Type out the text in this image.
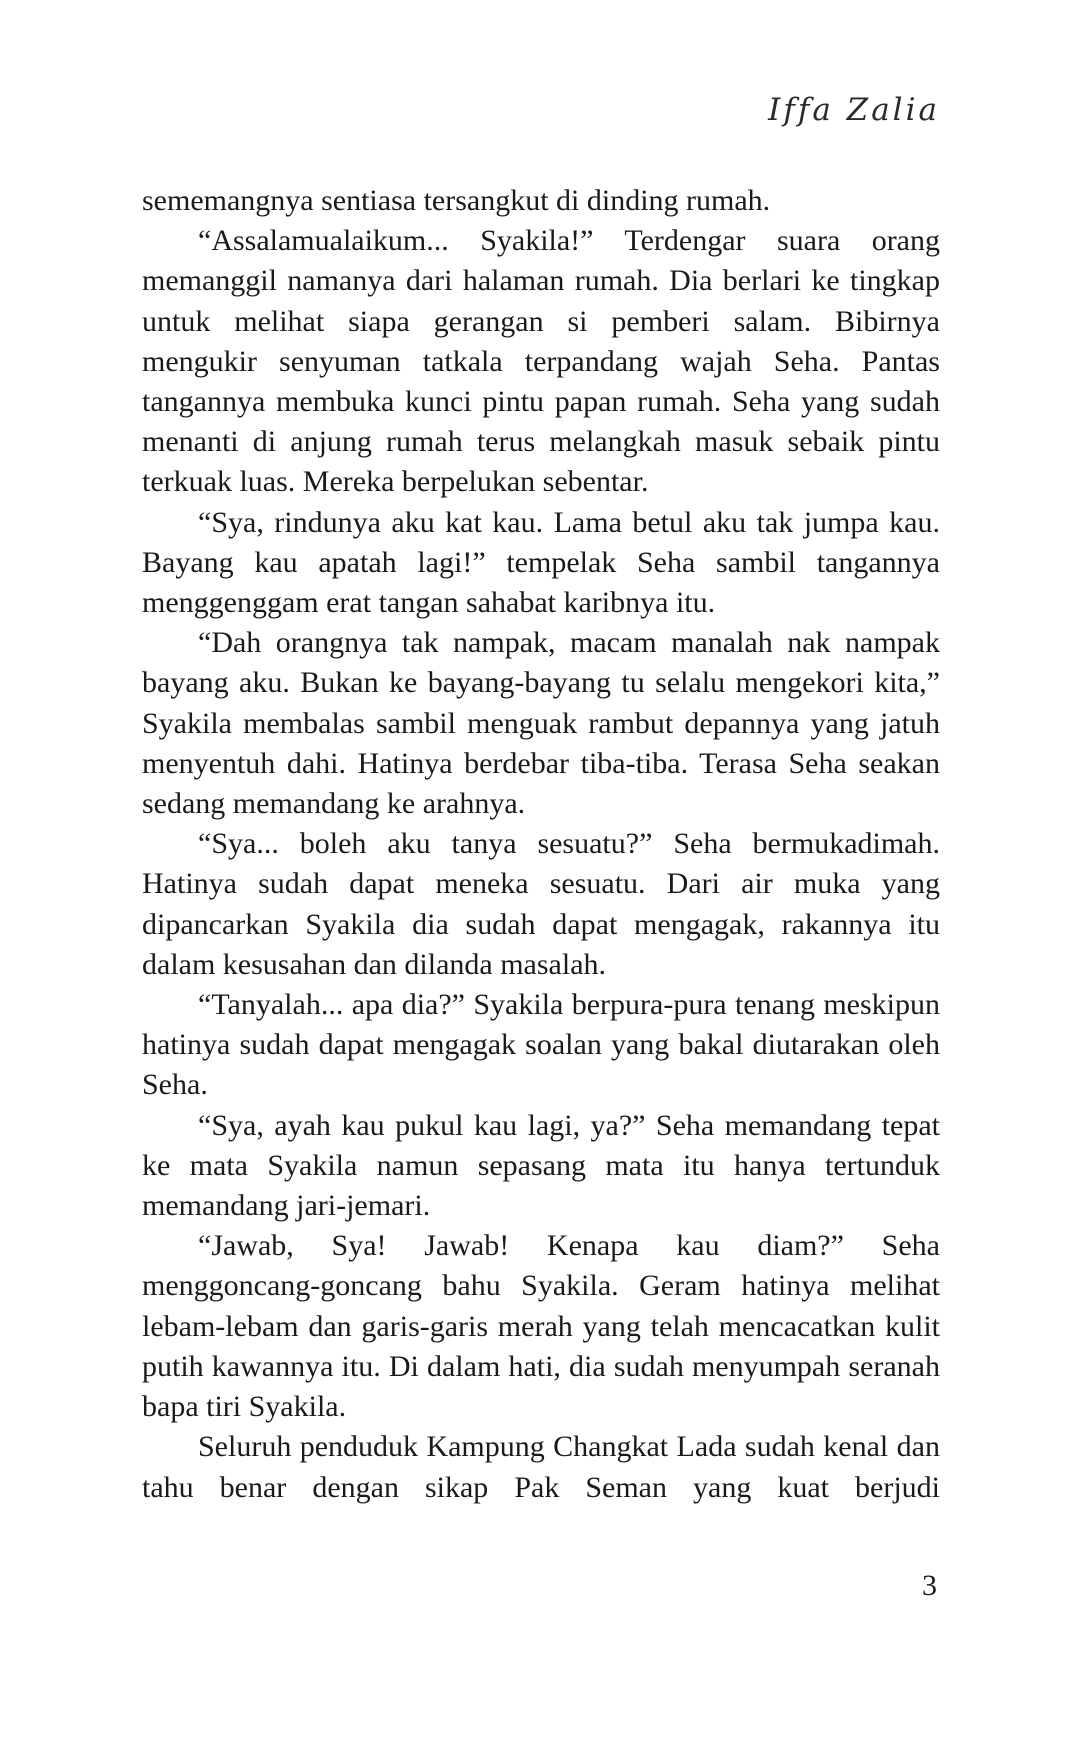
Iffa Zalia

sememangnya sentiasa tersangkut di dinding rumah.

“Assalamualaikum... Syakila!” Terdengar suara orang memanggil namanya dari halaman rumah. Dia berlari ke tingkap untuk melihat siapa gerangan si pemberi salam. Bibirnya mengukir senyuman tatkala terpandang wajah Seha. Pantas tangannya membuka kunci pintu papan rumah. Seha yang sudah menanti di anjung rumah terus melangkah masuk sebaik pintu terkuak luas. Mereka berpelukan sebentar.

“Sya, rindunya aku kat kau. Lama betul aku tak jumpa kau. Bayang kau apatah lagi!” tempelak Seha sambil tangannya menggenggam erat tangan sahabat karibnya itu.

“Dah orangnya tak nampak, macam manalah nak nampak bayang aku. Bukan ke bayang-bayang tu selalu mengekori kita,” Syakila membalas sambil menguak rambut depannya yang jatuh menyentuh dahi. Hatinya berdebar tiba-tiba. Terasa Seha seakan sedang memandang ke arahnya.

“Sya... boleh aku tanya sesuatu?” Seha bermukadimah. Hatinya sudah dapat meneka sesuatu. Dari air muka yang dipancarkan Syakila dia sudah dapat mengagak, rakannya itu dalam kesusahan dan dilanda masalah.

“Tanyalah... apa dia?” Syakila berpura-pura tenang meskipun hatinya sudah dapat mengagak soalan yang bakal diutarakan oleh Seha.

“Sya, ayah kau pukul kau lagi, ya?” Seha memandang tepat ke mata Syakila namun sepasang mata itu hanya tertunduk memandang jari-jemari.

“Jawab, Sya! Jawab! Kenapa kau diam?” Seha menggoncang-goncang bahu Syakila. Geram hatinya melihat lebam-lebam dan garis-garis merah yang telah mencacatkan kulit putih kawannya itu. Di dalam hati, dia sudah menyumpah seranah bapa tiri Syakila.

Seluruh penduduk Kampung Changkat Lada sudah kenal dan tahu benar dengan sikap Pak Seman yang kuat berjudi

3
